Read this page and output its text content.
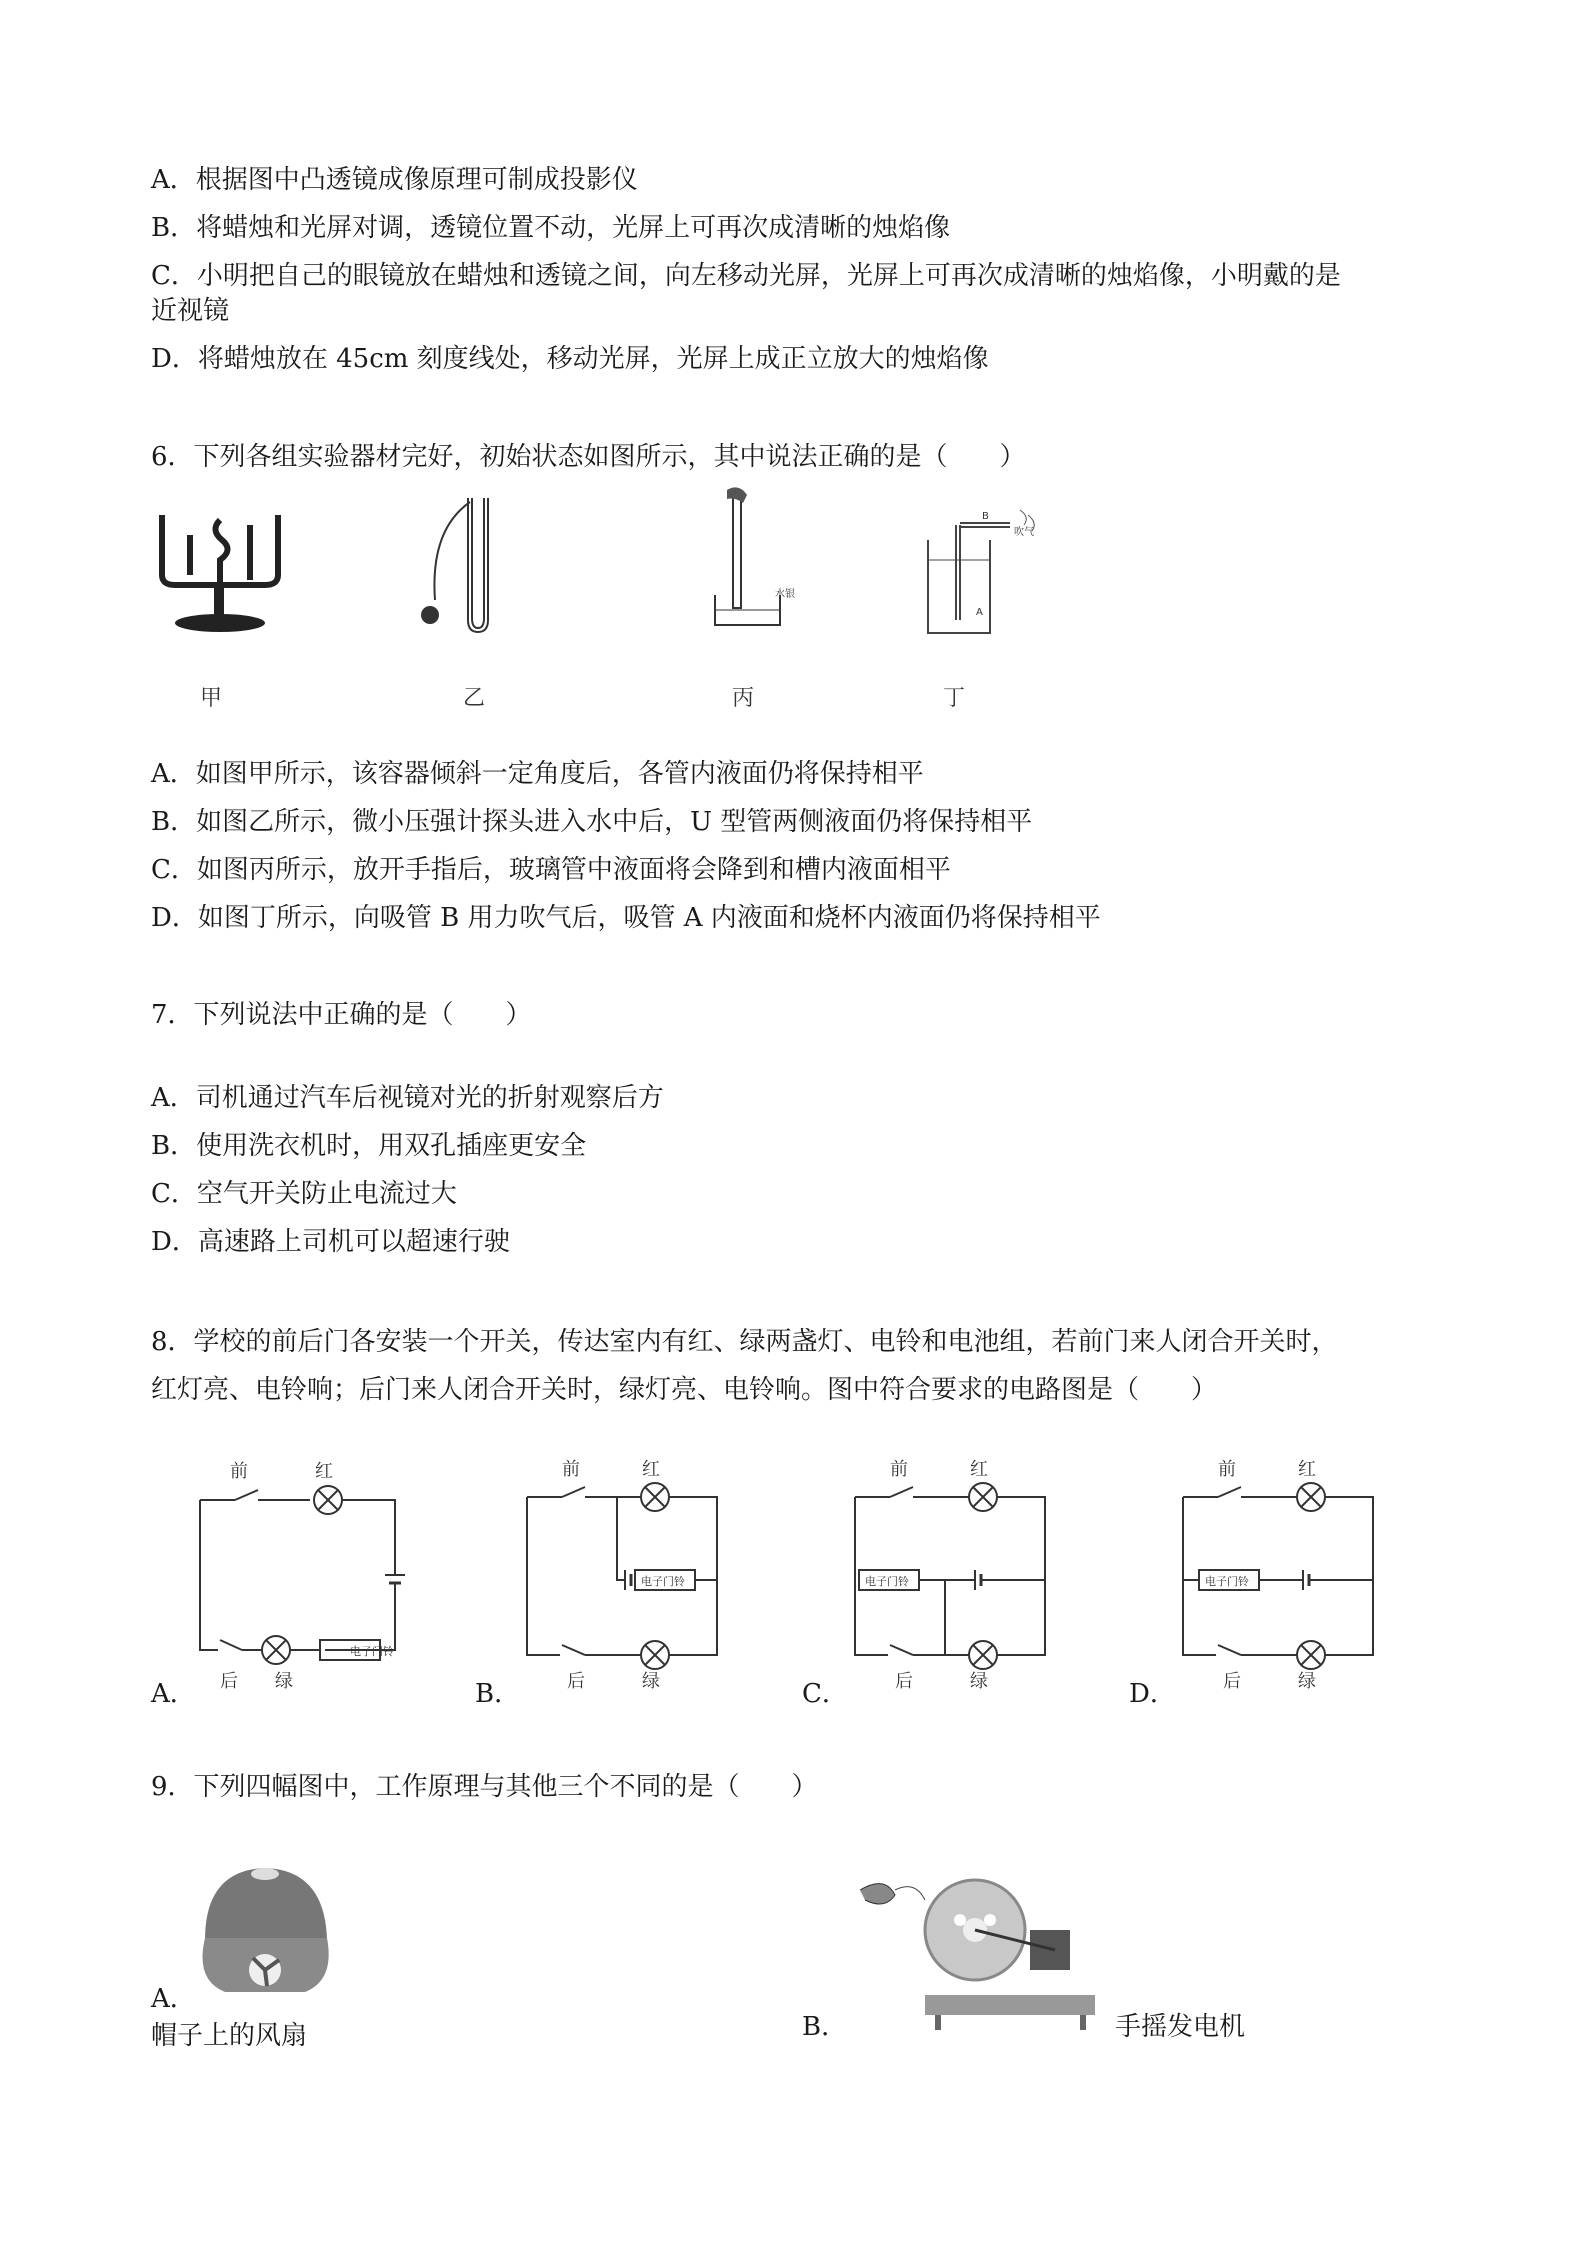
A．根据图中凸透镜成像原理可制成投影仪
B．将蜡烛和光屏对调，透镜位置不动，光屏上可再次成清晰的烛焰像
C．小明把自己的眼镜放在蜡烛和透镜之间，向左移动光屏，光屏上可再次成清晰的烛焰像，小明戴的是
近视镜
D．将蜡烛放在 45cm 刻度线处，移动光屏，光屏上成正立放大的烛焰像
6．下列各组实验器材完好，初始状态如图所示，其中说法正确的是（　　）
甲	乙
水银
丙
B
吹气
A
丁
A．如图甲所示，该容器倾斜一定角度后，各管内液面仍将保持相平
B．如图乙所示，微小压强计探头进入水中后，U 型管两侧液面仍将保持相平
C．如图丙所示，放开手指后，玻璃管中液面将会降到和槽内液面相平
D．如图丁所示，向吸管 B 用力吹气后，吸管 A 内液面和烧杯内液面仍将保持相平
7．下列说法中正确的是（　　）
A．司机通过汽车后视镜对光的折射观察后方
B．使用洗衣机时，用双孔插座更安全
C．空气开关防止电流过大
D．高速路上司机可以超速行驶
8．学校的前后门各安装一个开关，传达室内有红、绿两盏灯、电铃和电池组，若前门来人闭合开关时，
红灯亮、电铃响；后门来人闭合开关时，绿灯亮、电铃响。图中符合要求的电路图是（　　）
电子门铃
前	红
后 绿
A．
电子门铃
前	红
后	绿
B．
电子门铃
前	红
后	绿
C．
电子门铃
前	红
后	绿
D．
9．下列四幅图中，工作原理与其他三个不同的是（　　）
A．
帽子上的风扇	B．	手摇发电机
